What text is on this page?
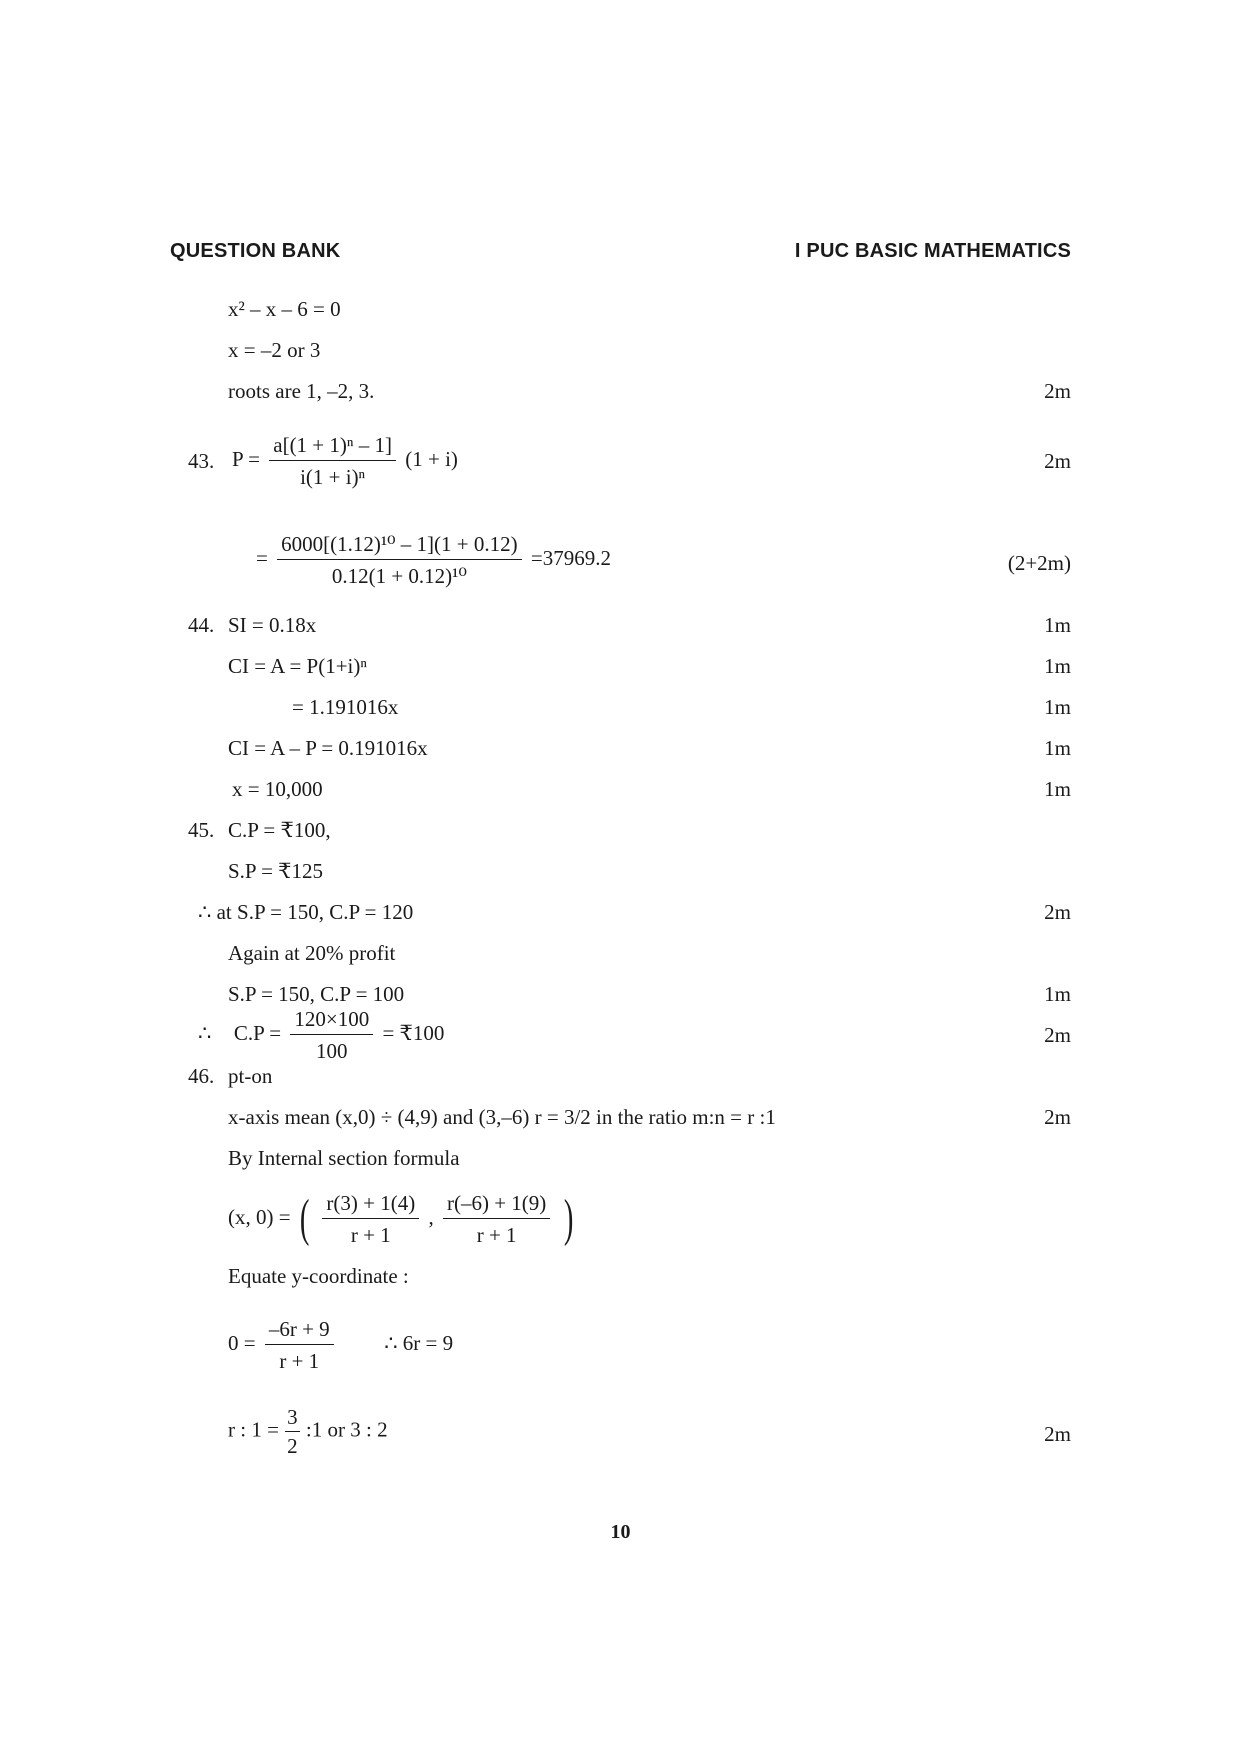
QUESTION BANK	I PUC BASIC MATHEMATICS
x² – x – 6 = 0
x = –2 or 3
roots are 1, –2, 3.	2m
43. $P = \frac{\text{a[(1 + 1)ⁿ – 1]}}{\text{i(1 + i)ⁿ}} (1 + i)$	2m
= $\frac{\text{6000[(1.12)¹⁰ – 1](1 + 0.12)}}{\text{0.12(1 + 0.12)¹⁰}} =37969.2$	(2+2m)
44. SI = 0.18x	1m
CI = A = P(1+i)ⁿ	1m
= 1.191016x	1m
CI = A – P = 0.191016x	1m
x = 10,000	1m
45. C.P = ₹100,
S.P = ₹125
∴ at S.P = 150, C.P = 120	2m
Again at 20% profit
S.P = 150, C.P = 100	1m
∴ $C.P = \frac{120\times 100}{100}$ = ₹100	2m
46. pt-on
x-axis mean (x,0) ÷ (4,9) and (3,–6) r = 3/2 in the ratio m:n = r :1	2m
By Internal section formula
(x, 0) = ( $\frac{r(3) + 1(4)}{r + 1}$ , $\frac{r(-6) + 1(9)}{r + 1}$ )
Equate y-coordinate :
$0 = \frac{-6r + 9}{r + 1}$ ∴ 6r = 9
r : $1 = \frac{3}{2}$ :1 or 3 : 2	2m
10
